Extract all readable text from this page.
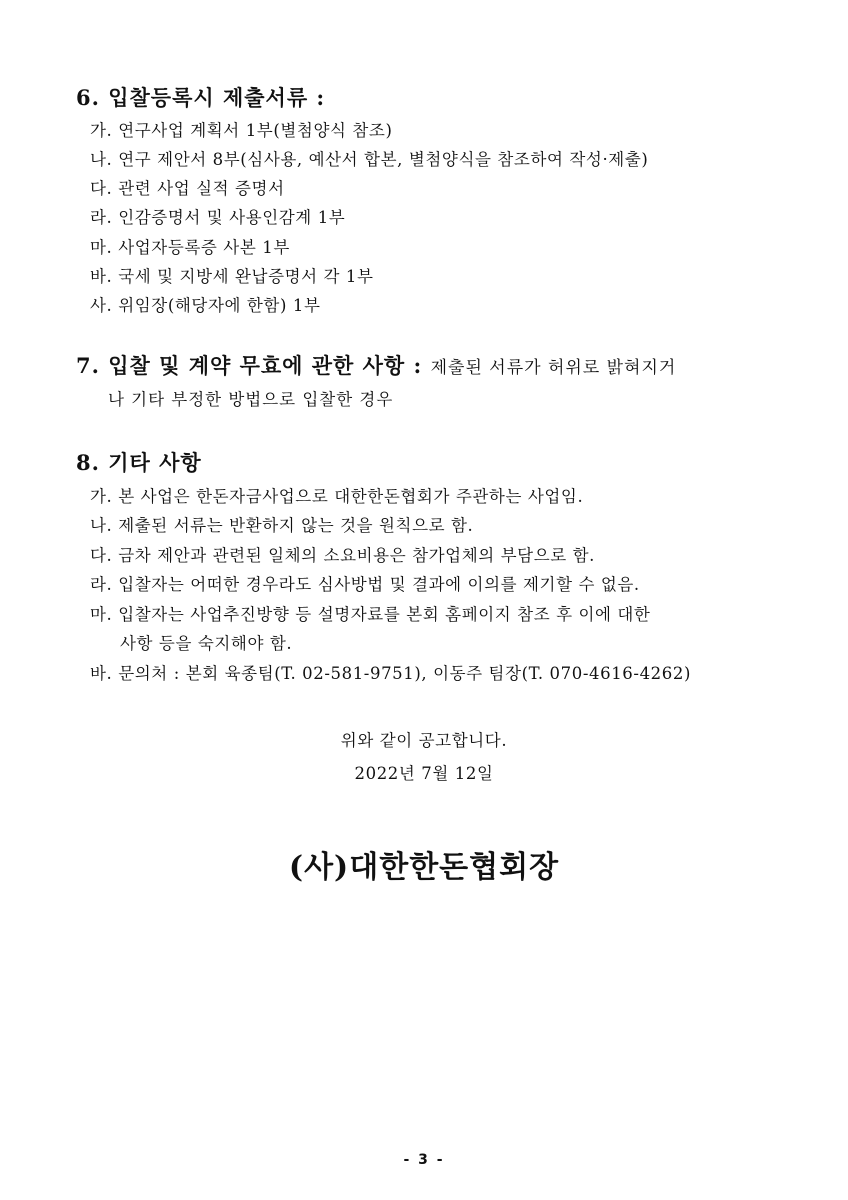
6. 입찰등록시 제출서류 :
가. 연구사업 계획서 1부(별첨양식 참조)
나. 연구 제안서 8부(심사용, 예산서 합본, 별첨양식을 참조하여 작성·제출)
다. 관련 사업 실적 증명서
라. 인감증명서 및 사용인감계 1부
마. 사업자등록증 사본 1부
바. 국세 및 지방세 완납증명서 각 1부
사. 위임장(해당자에 한함) 1부
7. 입찰 및 계약 무효에 관한 사항 : 제출된 서류가 허위로 밝혀지거
나 기타 부정한 방법으로 입찰한 경우
8. 기타 사항
가. 본 사업은 한돈자금사업으로 대한한돈협회가 주관하는 사업임.
나. 제출된 서류는 반환하지 않는 것을 원칙으로 함.
다. 금차 제안과 관련된 일체의 소요비용은 참가업체의 부담으로 함.
라. 입찰자는 어떠한 경우라도 심사방법 및 결과에 이의를 제기할 수 없음.
마. 입찰자는 사업추진방향 등 설명자료를 본회 홈페이지 참조 후 이에 대한
사항 등을 숙지해야 함.
바. 문의처 : 본회 육종팀(T. 02-581-9751), 이동주 팀장(T. 070-4616-4262)
위와 같이 공고합니다.
2022년 7월 12일
(사)대한한돈협회장
- 3 -
